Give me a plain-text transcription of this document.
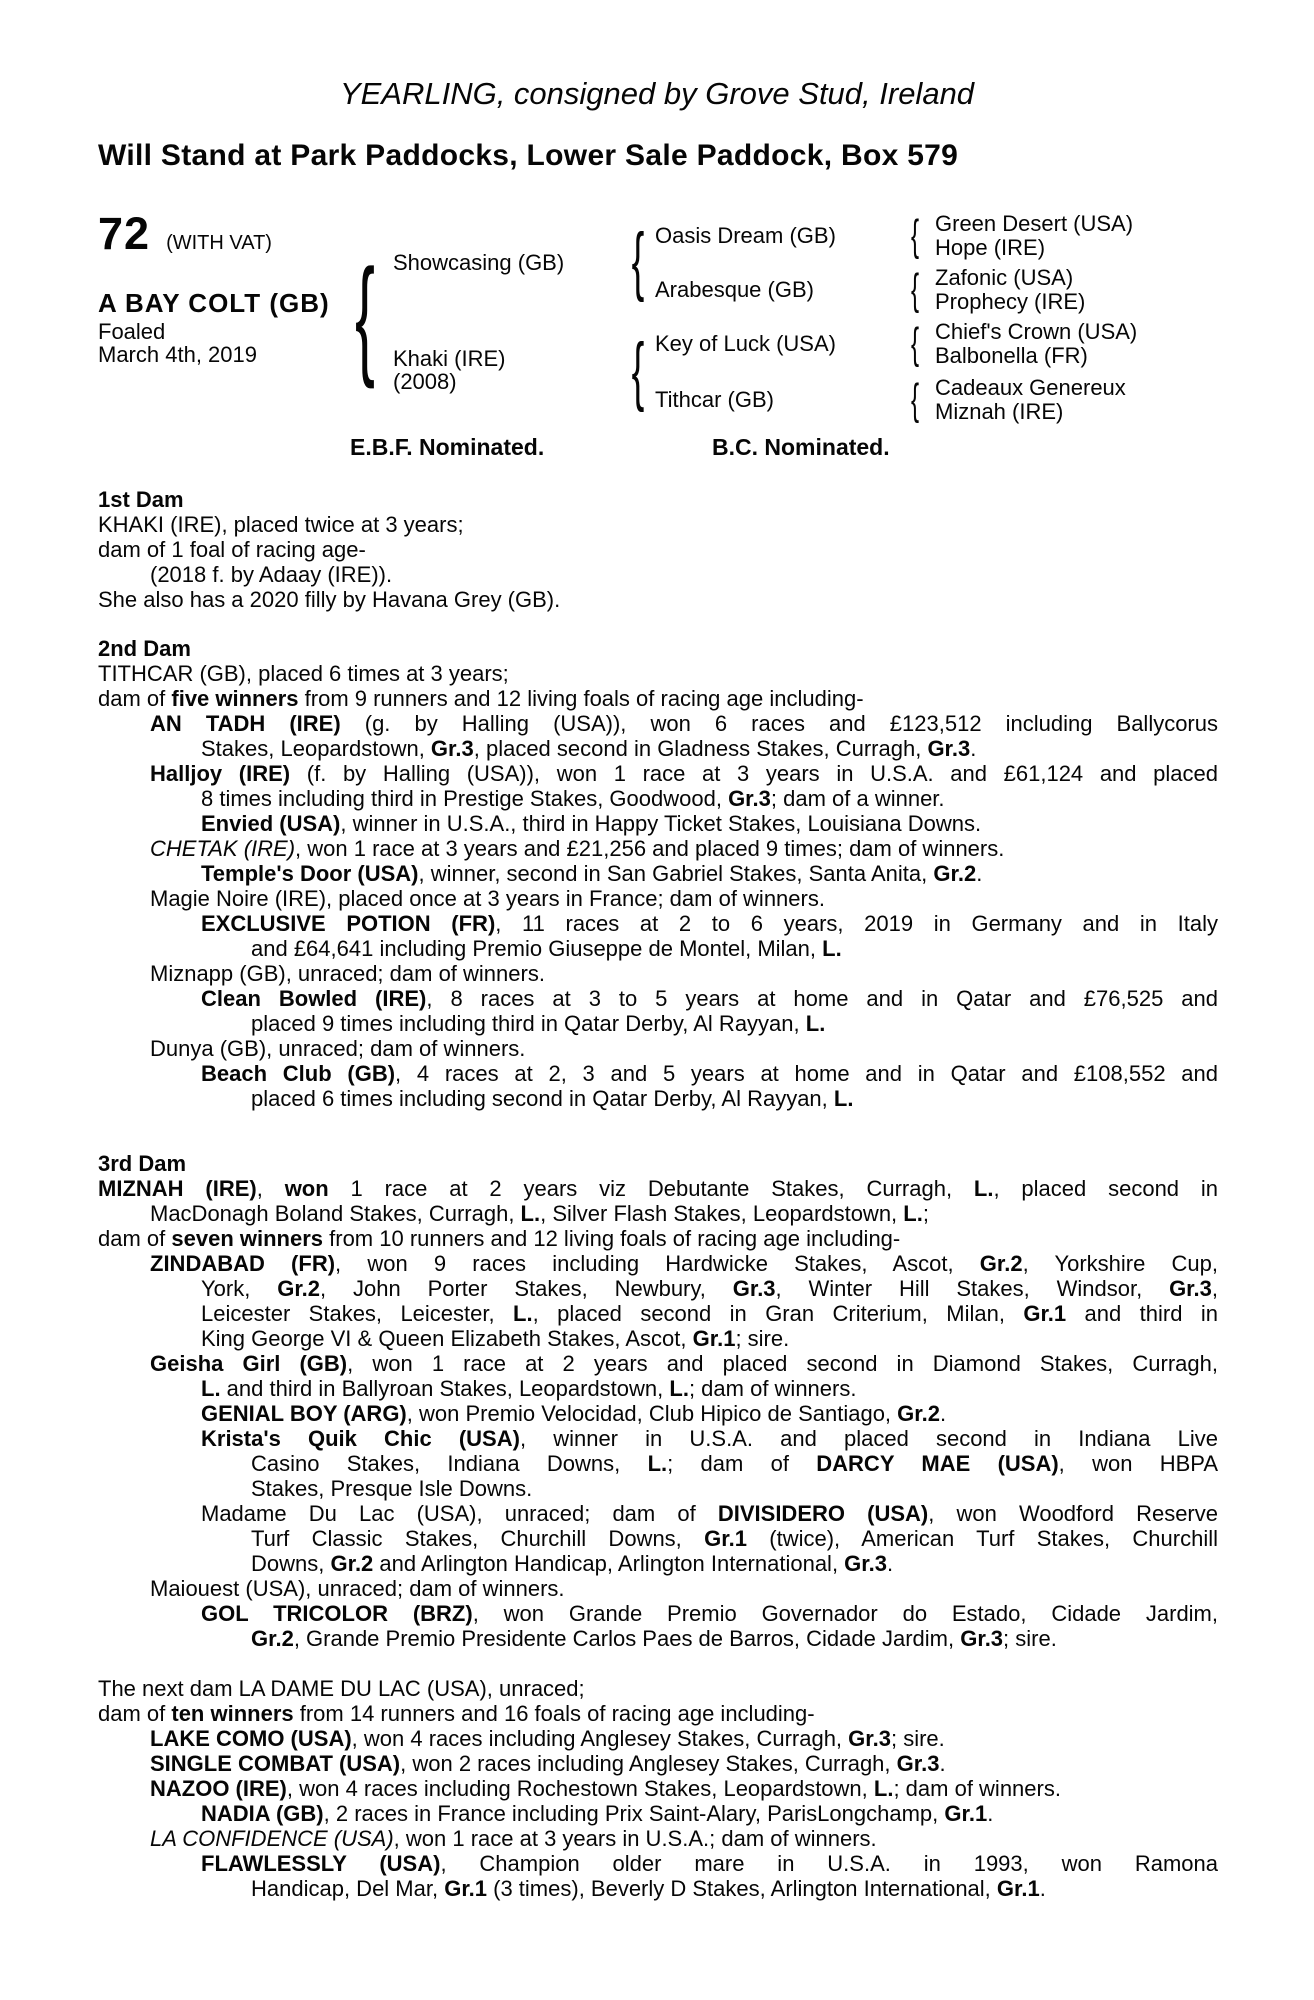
YEARLING, consigned by Grove Stud, Ireland
Will Stand at Park Paddocks, Lower Sale Paddock, Box 579
72 (WITH VAT)
A BAY COLT (GB)
Foaled
March 4th, 2019
{
Showcasing (GB)
Khaki (IRE)
(2008)
{
{
Oasis Dream (GB)
Arabesque (GB)
Key of Luck (USA)
Tithcar (GB)
{
{
{
{
Green Desert (USA)
Hope (IRE)
Zafonic (USA)
Prophecy (IRE)
Chief's Crown (USA)
Balbonella (FR)
Cadeaux Genereux
Miznah (IRE)
E.B.F. Nominated.	B.C. Nominated.
1st Dam
KHAKI (IRE), placed twice at 3 years;
dam of 1 foal of racing age-
(2018 f. by Adaay (IRE)).
She also has a 2020 filly by Havana Grey (GB).
2nd Dam
TITHCAR (GB), placed 6 times at 3 years;
dam of five winners from 9 runners and 12 living foals of racing age including-
AN TADH (IRE) (g. by Halling (USA)), won 6 races and £123,512 including Ballycorus
Stakes, Leopardstown, Gr.3, placed second in Gladness Stakes, Curragh, Gr.3.
Halljoy (IRE) (f. by Halling (USA)), won 1 race at 3 years in U.S.A. and £61,124 and placed
8 times including third in Prestige Stakes, Goodwood, Gr.3; dam of a winner.
Envied (USA), winner in U.S.A., third in Happy Ticket Stakes, Louisiana Downs.
CHETAK (IRE), won 1 race at 3 years and £21,256 and placed 9 times; dam of winners.
Temple's Door (USA), winner, second in San Gabriel Stakes, Santa Anita, Gr.2.
Magie Noire (IRE), placed once at 3 years in France; dam of winners.
EXCLUSIVE POTION (FR), 11 races at 2 to 6 years, 2019 in Germany and in Italy
and £64,641 including Premio Giuseppe de Montel, Milan, L.
Miznapp (GB), unraced; dam of winners.
Clean Bowled (IRE), 8 races at 3 to 5 years at home and in Qatar and £76,525 and
placed 9 times including third in Qatar Derby, Al Rayyan, L.
Dunya (GB), unraced; dam of winners.
Beach Club (GB), 4 races at 2, 3 and 5 years at home and in Qatar and £108,552 and
placed 6 times including second in Qatar Derby, Al Rayyan, L.
3rd Dam
MIZNAH (IRE), won 1 race at 2 years viz Debutante Stakes, Curragh, L., placed second in
MacDonagh Boland Stakes, Curragh, L., Silver Flash Stakes, Leopardstown, L.;
dam of seven winners from 10 runners and 12 living foals of racing age including-
ZINDABAD (FR), won 9 races including Hardwicke Stakes, Ascot, Gr.2, Yorkshire Cup,
York, Gr.2, John Porter Stakes, Newbury, Gr.3, Winter Hill Stakes, Windsor, Gr.3,
Leicester Stakes, Leicester, L., placed second in Gran Criterium, Milan, Gr.1 and third in
King George VI & Queen Elizabeth Stakes, Ascot, Gr.1; sire.
Geisha Girl (GB), won 1 race at 2 years and placed second in Diamond Stakes, Curragh,
L. and third in Ballyroan Stakes, Leopardstown, L.; dam of winners.
GENIAL BOY (ARG), won Premio Velocidad, Club Hipico de Santiago, Gr.2.
Krista's Quik Chic (USA), winner in U.S.A. and placed second in Indiana Live
Casino Stakes, Indiana Downs, L.; dam of DARCY MAE (USA), won HBPA
Stakes, Presque Isle Downs.
Madame Du Lac (USA), unraced; dam of DIVISIDERO (USA), won Woodford Reserve
Turf Classic Stakes, Churchill Downs, Gr.1 (twice), American Turf Stakes, Churchill
Downs, Gr.2 and Arlington Handicap, Arlington International, Gr.3.
Maiouest (USA), unraced; dam of winners.
GOL TRICOLOR (BRZ), won Grande Premio Governador do Estado, Cidade Jardim,
Gr.2, Grande Premio Presidente Carlos Paes de Barros, Cidade Jardim, Gr.3; sire.
The next dam LA DAME DU LAC (USA), unraced;
dam of ten winners from 14 runners and 16 foals of racing age including-
LAKE COMO (USA), won 4 races including Anglesey Stakes, Curragh, Gr.3; sire.
SINGLE COMBAT (USA), won 2 races including Anglesey Stakes, Curragh, Gr.3.
NAZOO (IRE), won 4 races including Rochestown Stakes, Leopardstown, L.; dam of winners.
NADIA (GB), 2 races in France including Prix Saint-Alary, ParisLongchamp, Gr.1.
LA CONFIDENCE (USA), won 1 race at 3 years in U.S.A.; dam of winners.
FLAWLESSLY (USA), Champion older mare in U.S.A. in 1993, won Ramona
Handicap, Del Mar, Gr.1 (3 times), Beverly D Stakes, Arlington International, Gr.1.
